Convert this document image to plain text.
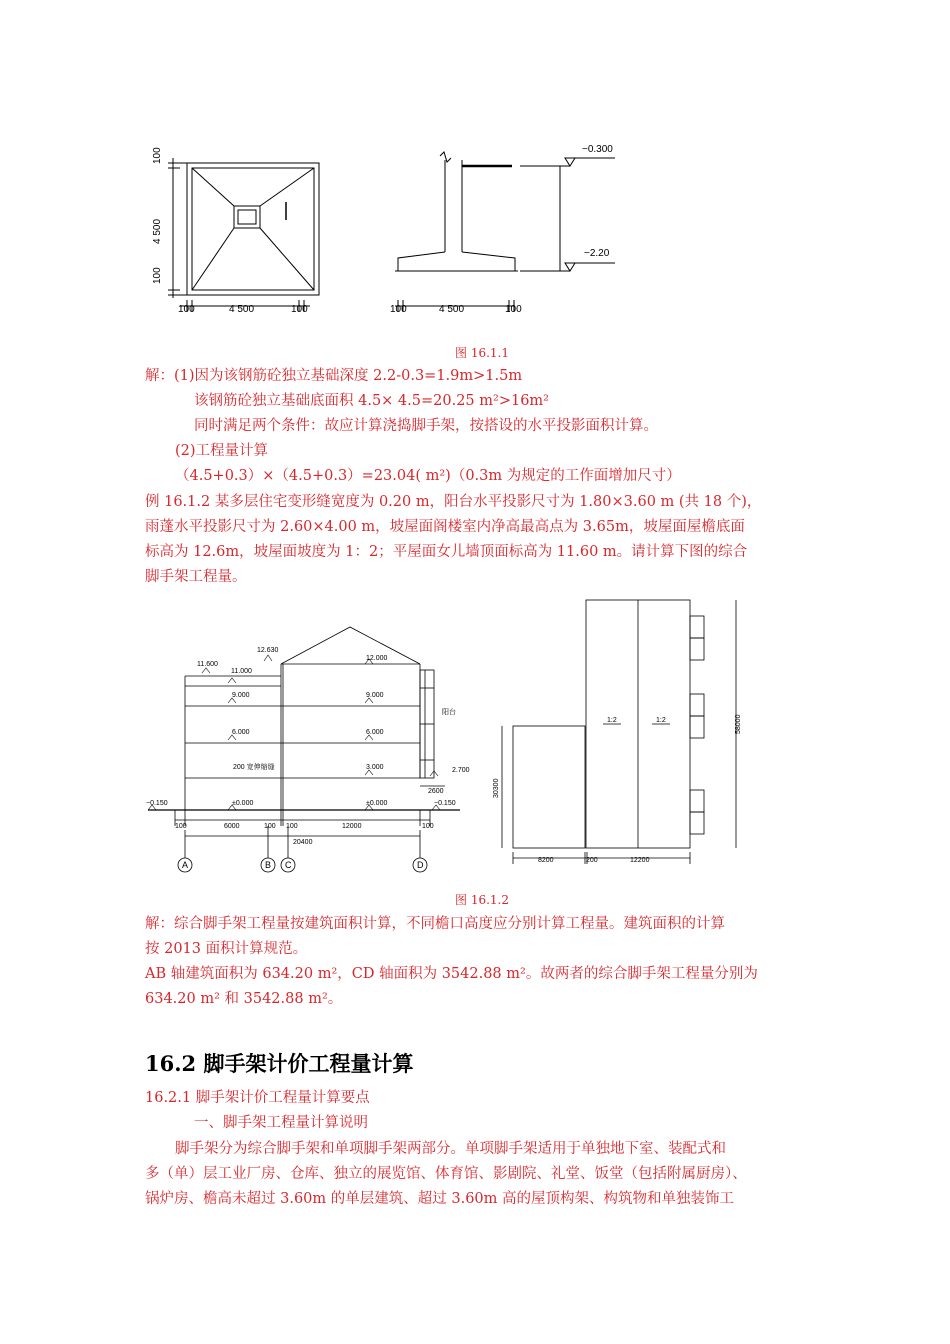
100
4 500
100
100	4 500	100
−0.300
−2.20
100	4 500	100
图 16.1.1
解：(1)因为该钢筋砼独立基础深度 2.2-0.3=1.9m>1.5m
该钢筋砼独立基础底面积 4.5× 4.5=20.25 m²>16m²
同时满足两个条件：故应计算浇捣脚手架，按搭设的水平投影面积计算。
(2)工程量计算
（4.5+0.3）×（4.5+0.3）=23.04( m²)（0.3m 为规定的工作面增加尺寸）
例 16.1.2 某多层住宅变形缝宽度为 0.20 m，阳台水平投影尺寸为 1.80×3.60 m (共 18 个)，
雨蓬水平投影尺寸为 2.60×4.00 m，坡屋面阁楼室内净高最高点为 3.65m，坡屋面屋檐底面
标高为 12.6m，坡屋面坡度为 1：2；平屋面女儿墙顶面标高为 11.60 m。请计算下图的综合
脚手架工程量。
12.630
11.600
11.000
12.000
9.000	9.000
阳台
6.000	6.000
200 宽伸缩缝	3.000	2.700
2600
−0.150	±0.000	±0.000	−0.150
100	6000	100 100	12000	100
20400
A	B C	D
30300
58000
8200	200	12200
1:2	1:2
图 16.1.2
解：综合脚手架工程量按建筑面积计算，不同檐口高度应分别计算工程量。建筑面积的计算
按 2013 面积计算规范。
AB 轴建筑面积为 634.20 m²，CD 轴面积为 3542.88 m²。故两者的综合脚手架工程量分别为
634.20 m² 和 3542.88 m²。
16.2 脚手架计价工程量计算
16.2.1 脚手架计价工程量计算要点
一、脚手架工程量计算说明
脚手架分为综合脚手架和单项脚手架两部分。单项脚手架适用于单独地下室、装配式和
多（单）层工业厂房、仓库、独立的展览馆、体育馆、影剧院、礼堂、饭堂（包括附属厨房）、
锅炉房、檐高未超过 3.60m 的单层建筑、超过 3.60m 高的屋顶构架、构筑物和单独装饰工
